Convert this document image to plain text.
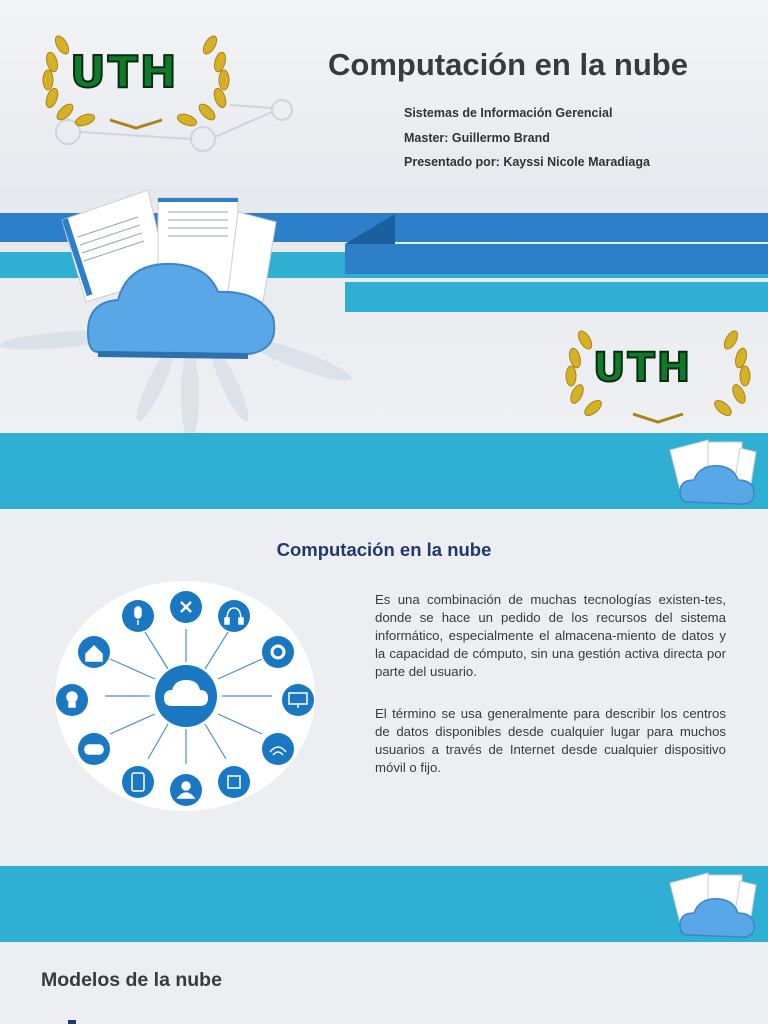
UTH	Computación en la nube
Sistemas de Información Gerencial
Master: Guillermo Brand
Presentado por: Kayssi Nicole Maradiaga
UTH
Computación en la nube
Es una combinación de muchas tecnologías existen-tes, donde se hace un pedido de los recursos del sistema informático, especialmente el almacena-miento de datos y la capacidad de cómputo, sin una gestión activa directa por parte del usuario.
El término se usa generalmente para describir los centros de datos disponibles desde cualquier lugar para muchos usuarios a través de Internet desde cualquier dispositivo móvil o fijo.
Modelos de la nube
